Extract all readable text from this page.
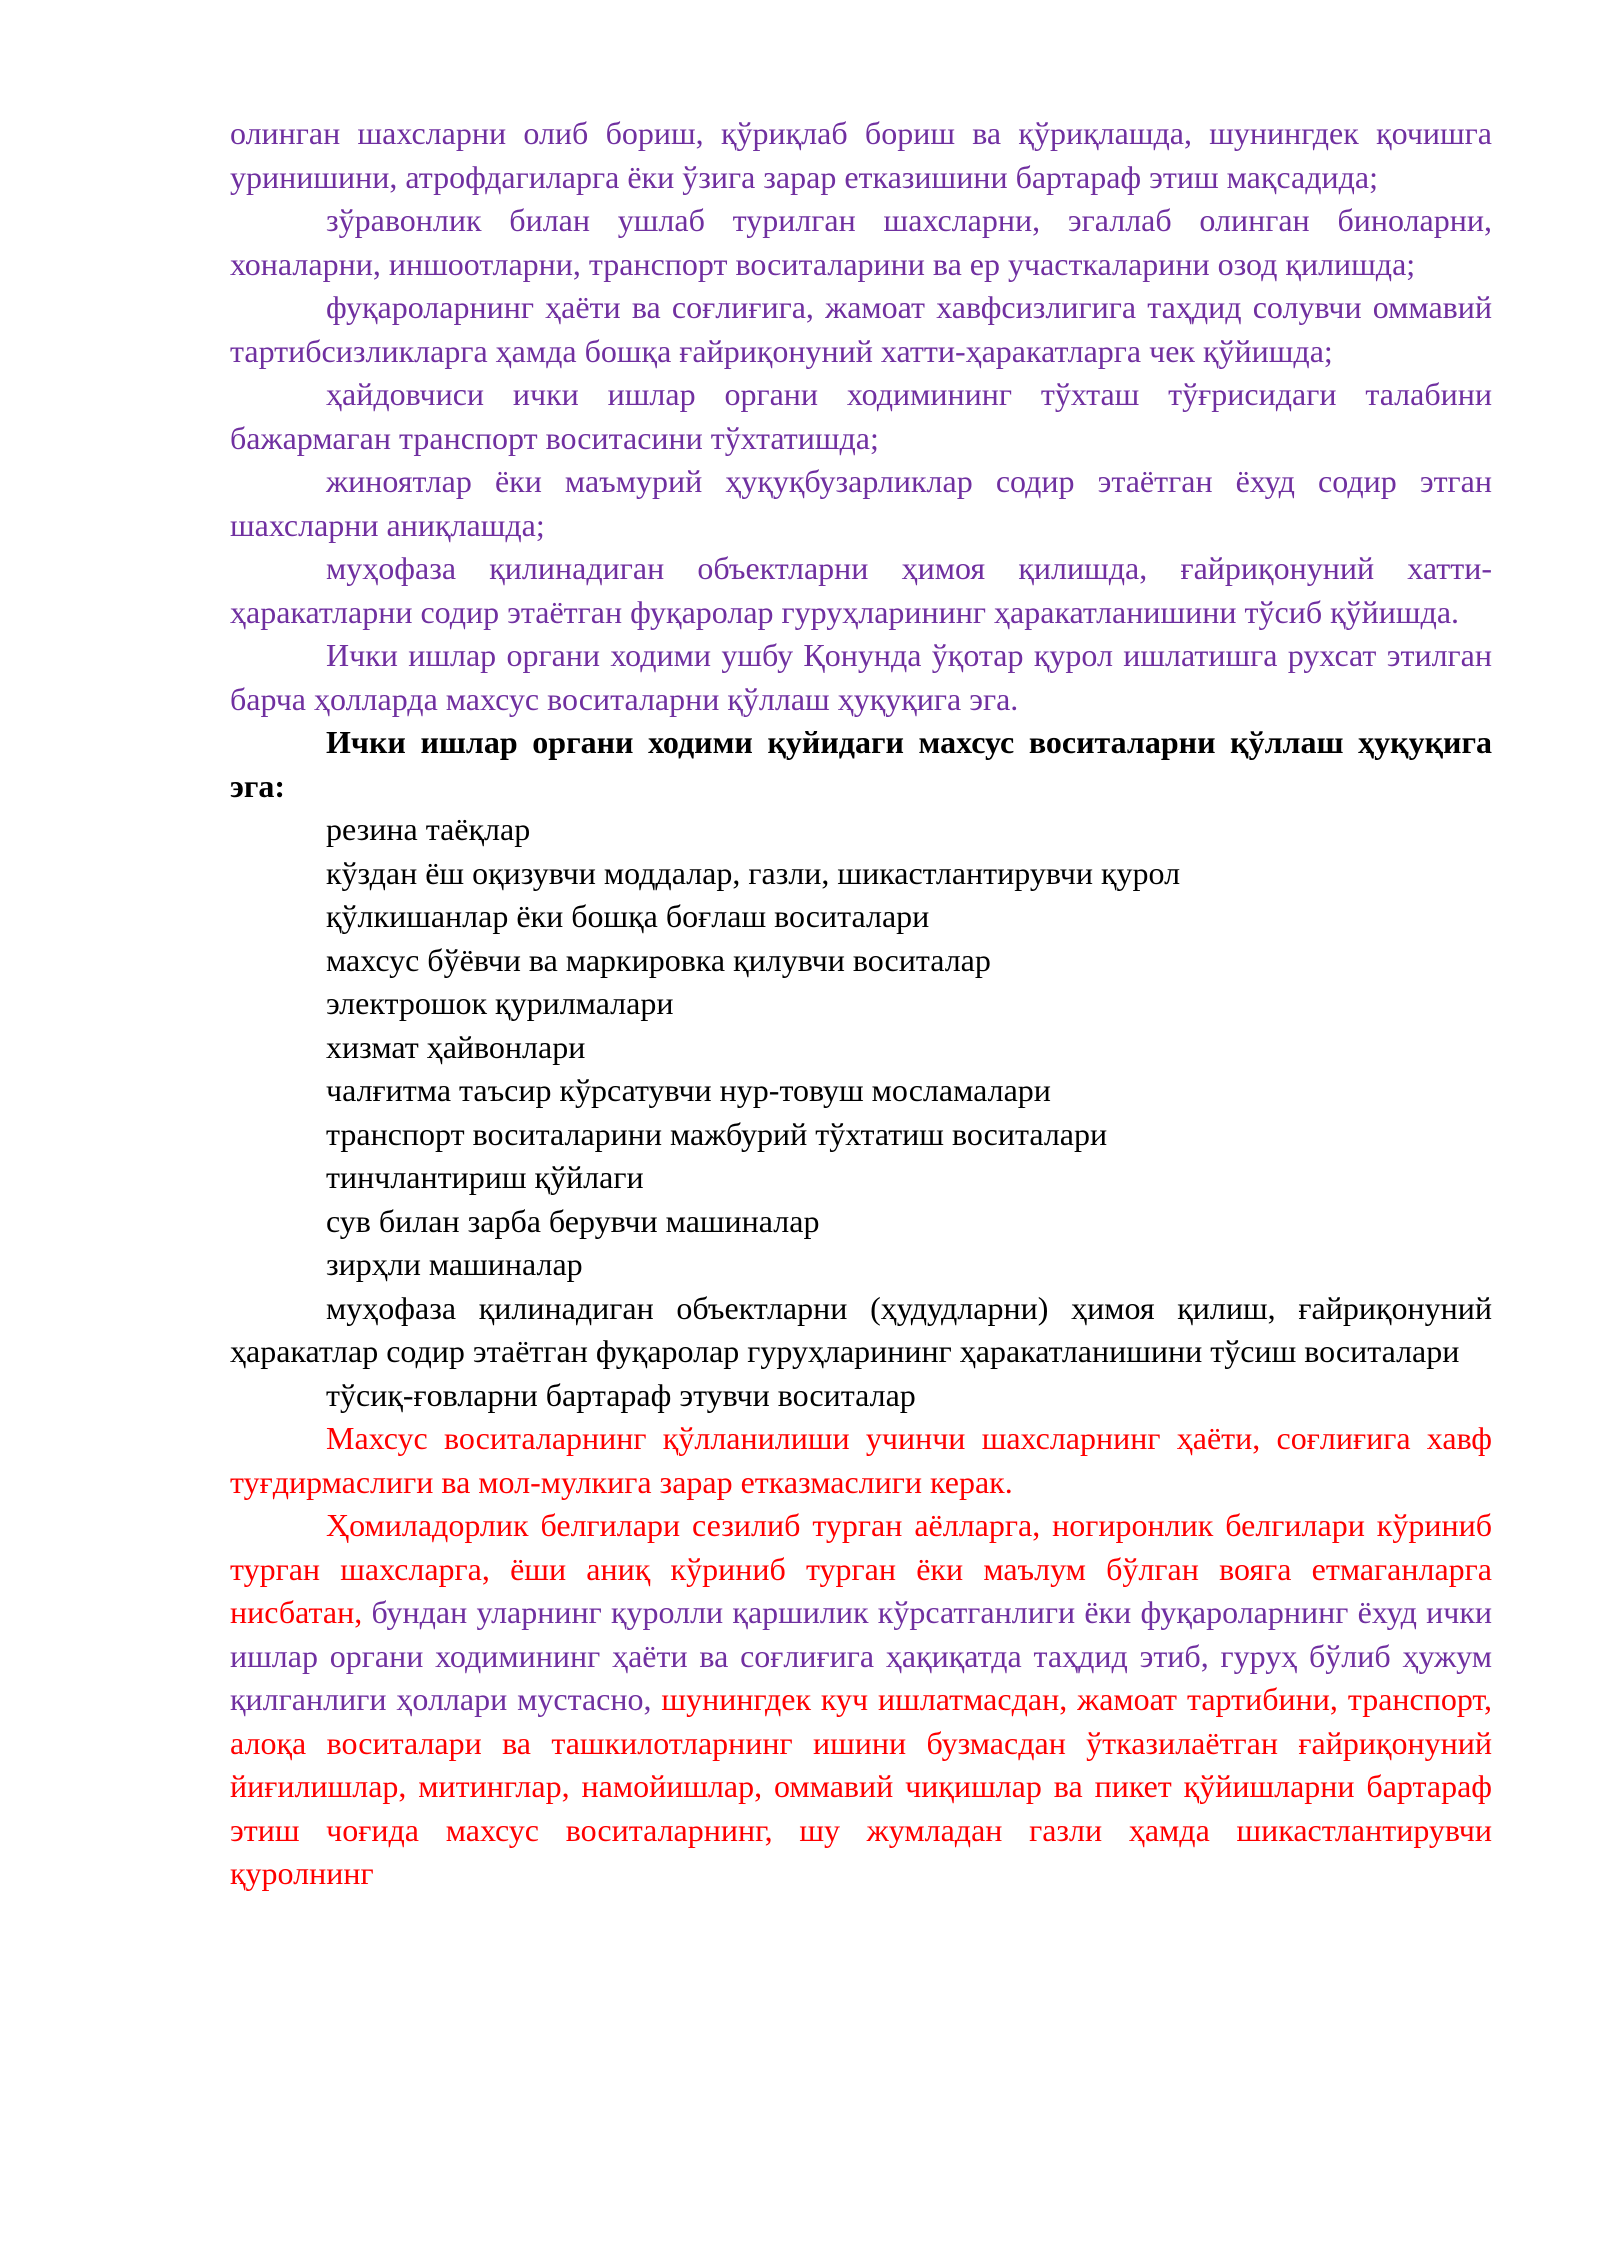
олинган шахсларни олиб бориш, қўриқлаб бориш ва қўриқлашда, шунингдек қочишга уринишини, атрофдагиларга ёки ўзига зарар етказишини бартараф этиш мақсадида;

зўравонлик билан ушлаб турилган шахсларни, эгаллаб олинган биноларни, хоналарни, иншоотларни, транспорт воситаларини ва ер участкаларини озод қилишда;

фуқароларнинг ҳаёти ва соғлиғига, жамоат хавфсизлигига таҳдид солувчи оммавий тартибсизликларга ҳамда бошқа ғайриқонуний хатти-ҳаракатларга чек қўйишда;

ҳайдовчиси ички ишлар органи ходимининг тўхташ тўғрисидаги талабини бажармаган транспорт воситасини тўхтатишда;

жиноятлар ёки маъмурий ҳуқуқбузарликлар содир этаётган ёхуд содир этган шахсларни аниқлашда;

муҳофаза қилинадиган объектларни ҳимоя қилишда, ғайриқонуний хатти-ҳаракатларни содир этаётган фуқаролар гуруҳларининг ҳаракатланишини тўсиб қўйишда.

Ички ишлар органи ходими ушбу Қонунда ўқотар қурол ишлатишга рухсат этилган барча ҳолларда махсус воситаларни қўллаш ҳуқуқига эга.

Ички ишлар органи ходими қуйидаги махсус воситаларни қўллаш ҳуқуқига эга:

резина таёқлар

кўздан ёш оқизувчи моддалар, газли, шикастлантирувчи қурол

қўлкишанлар ёки бошқа боғлаш воситалари

махсус бўёвчи ва маркировка қилувчи воситалар

электрошок қурилмалари

хизмат ҳайвонлари

чалғитма таъсир кўрсатувчи нур-товуш мосламалари

транспорт воситаларини мажбурий тўхтатиш воситалари

тинчлантириш қўйлаги

сув билан зарба берувчи машиналар

зирҳли машиналар

муҳофаза қилинадиган объектларни (ҳудудларни) ҳимоя қилиш, ғайриқонуний ҳаракатлар содир этаётган фуқаролар гуруҳларининг ҳаракатланишини тўсиш воситалари

тўсиқ-ғовларни бартараф этувчи воситалар

Махсус воситаларнинг қўлланилиши учинчи шахсларнинг ҳаёти, соғлиғига хавф туғдирмаслиги ва мол-мулкига зарар етказмаслиги керак.

Ҳомиладорлик белгилари сезилиб турган аёлларга, ногиронлик белгилари кўриниб турган шахсларга, ёши аниқ кўриниб турган ёки маълум бўлган вояга етмаганларга нисбатан, бундан уларнинг қуролли қаршилик кўрсатганлиги ёки фуқароларнинг ёхуд ички ишлар органи ходимининг ҳаёти ва соғлиғига ҳақиқатда таҳдид этиб, гуруҳ бўлиб ҳужум қилганлиги ҳоллари мустасно, шунингдек куч ишлатмасдан, жамоат тартибини, транспорт, алоқа воситалари ва ташкилотларнинг ишини бузмасдан ўтказилаётган ғайриқонуний йиғилишлар, митинглар, намойишлар, оммавий чиқишлар ва пикет қўйишларни бартараф этиш чоғида махсус воситаларнинг, шу жумладан газли ҳамда шикастлантирувчи қуролнинг
